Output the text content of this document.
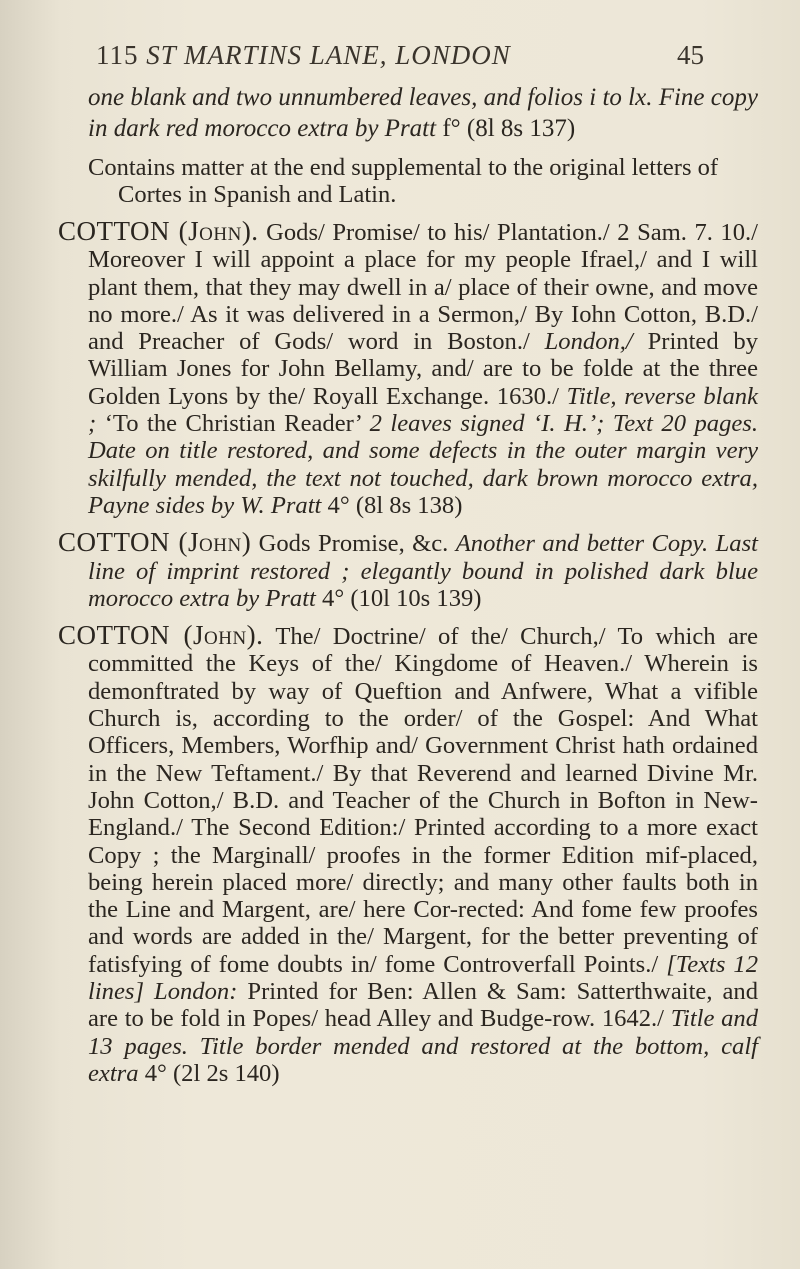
115 ST MARTINS LANE, LONDON	45

one blank and two unnumbered leaves, and folios i to lx. Fine copy in dark red morocco extra by Pratt f° (8l 8s 137)

Contains matter at the end supplemental to the original letters of
Cortes in Spanish and Latin.

COTTON (John). Gods/ Promise/ to his/ Plantation./ 2 Sam. 7. 10./ Moreover I will appoint a place for my people Ifrael,/ and I will plant them, that they may dwell in a/ place of their owne, and move no more./ As it was delivered in a Sermon,/ By Iohn Cotton, B.D./ and Preacher of Gods/ word in Boston./ London,/ Printed by William Jones for John Bellamy, and/ are to be folde at the three Golden Lyons by the/ Royall Exchange. 1630./ Title, reverse blank ; ‘To the Christian Reader’ 2 leaves signed ‘I. H.’; Text 20 pages. Date on title restored, and some defects in the outer margin very skilfully mended, the text not touched, dark brown morocco extra, Payne sides by W. Pratt 4° (8l 8s 138)

COTTON (John) Gods Promise, &c. Another and better Copy. Last line of imprint restored ; elegantly bound in polished dark blue morocco extra by Pratt 4° (10l 10s 139)

COTTON (John). The/ Doctrine/ of the/ Church,/ To which are committed the Keys of the/ Kingdome of Heaven./ Wherein is demonftrated by way of Queftion and Anfwere, What a vifible Church is, according to the order/ of the Gospel: And What Officers, Members, Worfhip and/ Government Christ hath ordained in the New Teftament./ By that Reverend and learned Divine Mr. John Cotton,/ B.D. and Teacher of the Church in Bofton in New-England./ The Second Edition:/ Printed according to a more exact Copy ; the Marginall/ proofes in the former Edition mif-placed, being herein placed more/ directly; and many other faults both in the Line and Margent, are/ here Cor-rected: And fome few proofes and words are added in the/ Margent, for the better preventing of fatisfying of fome doubts in/ fome Controverfall Points./ [Texts 12 lines] London: Printed for Ben: Allen & Sam: Satterthwaite, and are to be fold in Popes/ head Alley and Budge-row. 1642./ Title and 13 pages. Title border mended and restored at the bottom, calf extra 4° (2l 2s 140)
